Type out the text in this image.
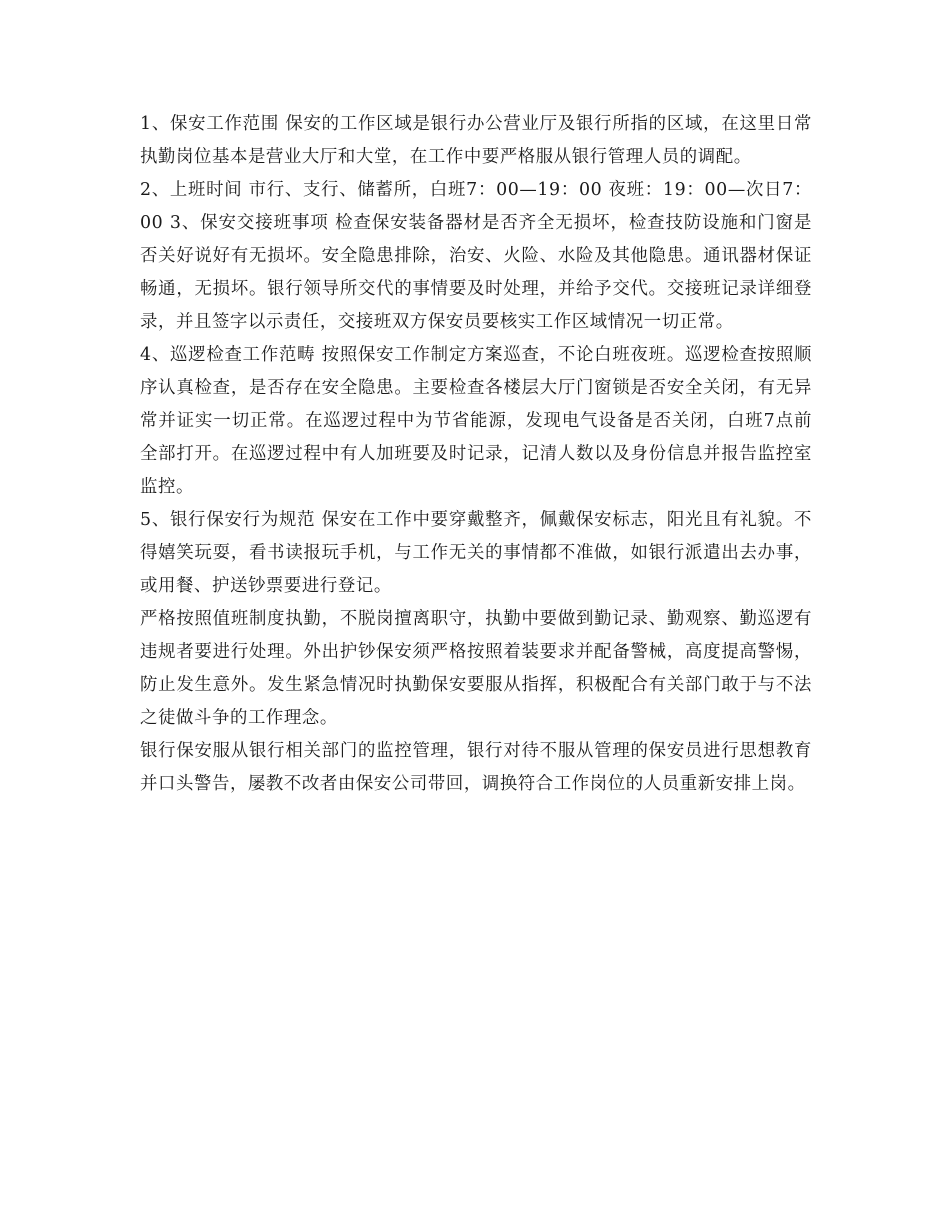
1、保安工作范围 保安的工作区域是银行办公营业厅及银行所指的区域，在这里日常执勤岗位基本是营业大厅和大堂，在工作中要严格服从银行管理人员的调配。

2、上班时间 市行、支行、储蓄所，白班7：00—19：00 夜班：19：00—次日7：00 3、保安交接班事项 检查保安装备器材是否齐全无损坏，检查技防设施和门窗是否关好说好有无损坏。安全隐患排除，治安、火险、水险及其他隐患。通讯器材保证畅通，无损坏。银行领导所交代的事情要及时处理，并给予交代。交接班记录详细登录，并且签字以示责任，交接班双方保安员要核实工作区域情况一切正常。

4、巡逻检查工作范畴 按照保安工作制定方案巡查，不论白班夜班。巡逻检查按照顺序认真检查，是否存在安全隐患。主要检查各楼层大厅门窗锁是否安全关闭，有无异常并证实一切正常。在巡逻过程中为节省能源，发现电气设备是否关闭，白班7点前全部打开。在巡逻过程中有人加班要及时记录，记清人数以及身份信息并报告监控室监控。

5、银行保安行为规范 保安在工作中要穿戴整齐，佩戴保安标志，阳光且有礼貌。不得嬉笑玩耍，看书读报玩手机，与工作无关的事情都不准做，如银行派遣出去办事，或用餐、护送钞票要进行登记。

严格按照值班制度执勤，不脱岗擅离职守，执勤中要做到勤记录、勤观察、勤巡逻有违规者要进行处理。外出护钞保安须严格按照着装要求并配备警械，高度提高警惕，防止发生意外。发生紧急情况时执勤保安要服从指挥，积极配合有关部门敢于与不法之徒做斗争的工作理念。

银行保安服从银行相关部门的监控管理，银行对待不服从管理的保安员进行思想教育并口头警告，屡教不改者由保安公司带回，调换符合工作岗位的人员重新安排上岗。
